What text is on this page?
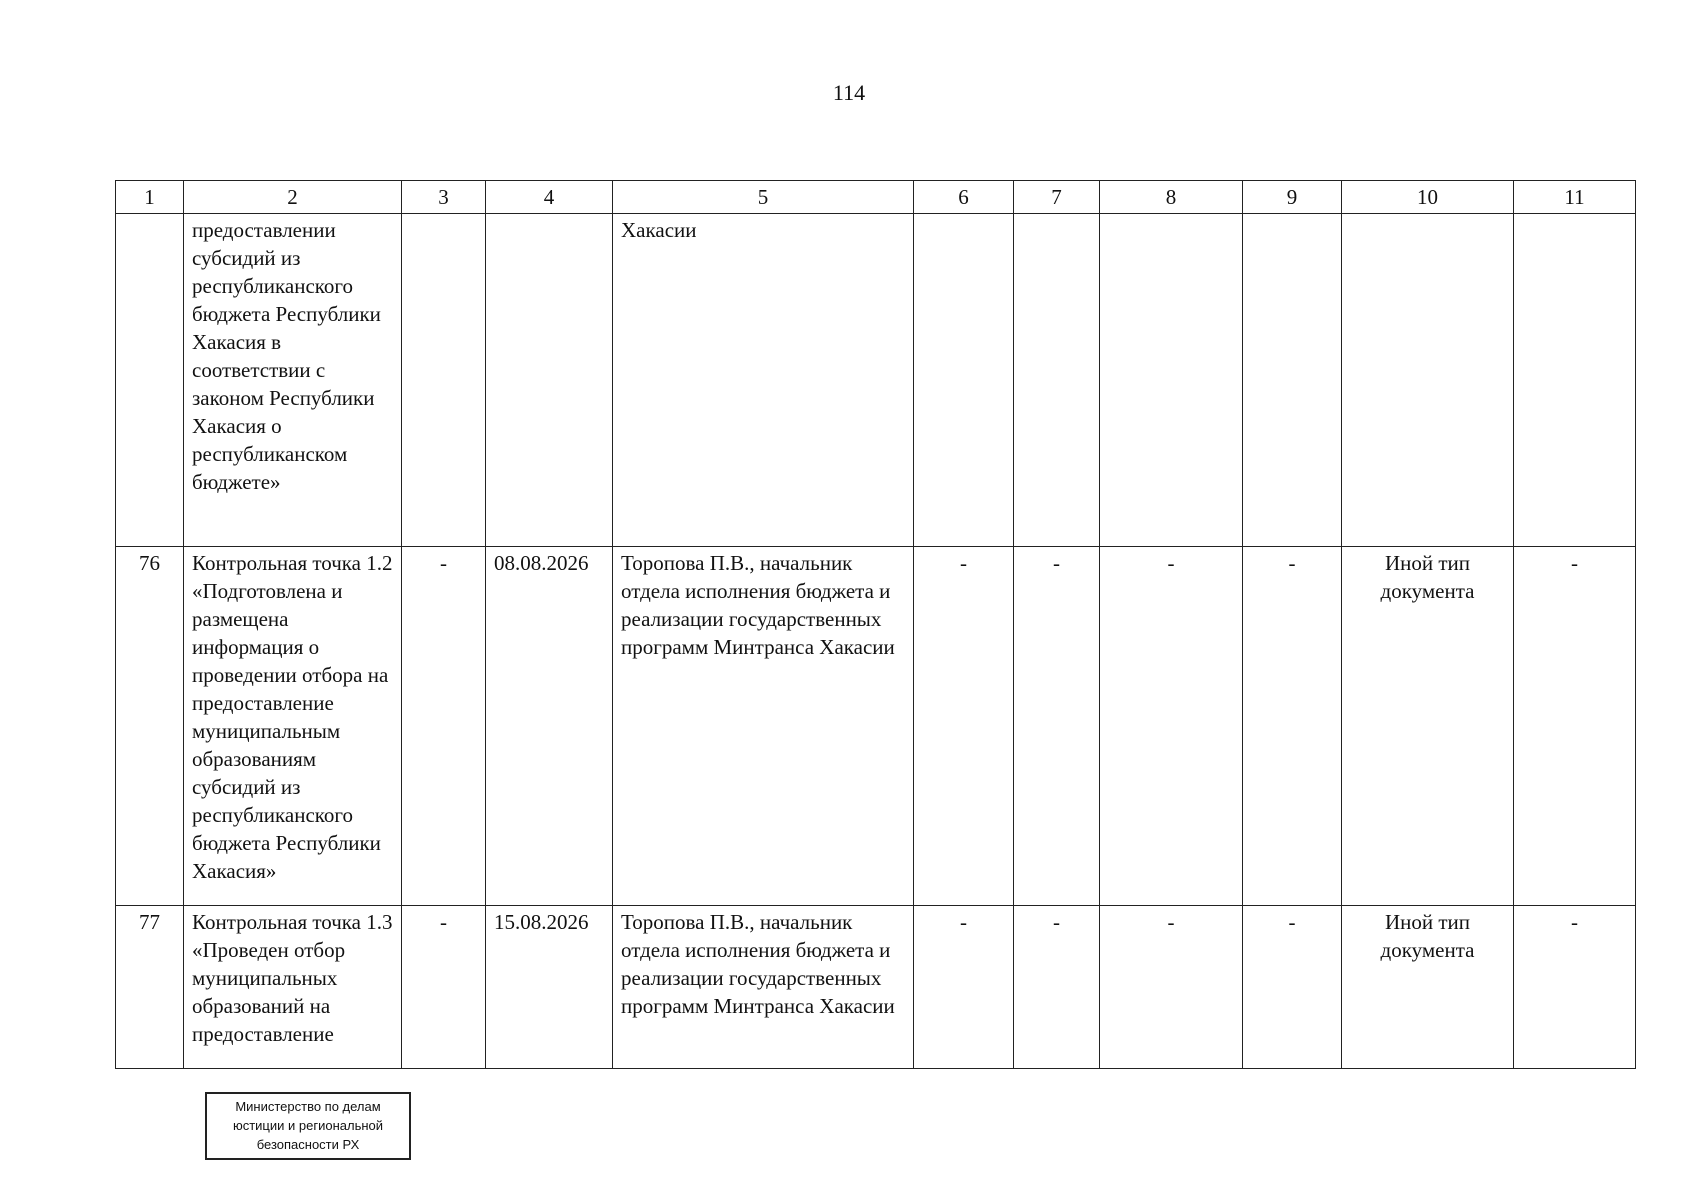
114
1	2	3	4	5	6	7	8	9	10	11
	предоставлении субсидий из республиканского бюджета Республики Хакасия в соответствии с законом Республики Хакасия о республиканском бюджете»			Хакасии						
76	Контрольная точка 1.2 «Подготовлена и размещена информация о проведении отбора на предоставление муниципальным образованиям субсидий из республиканского бюджета Республики Хакасия»	-	08.08.2026	Торопова П.В., начальник отдела исполнения бюджета и реализации государственных программ Минтранса Хакасии	-	-	-	-	Иной тип документа	-
77	Контрольная точка 1.3 «Проведен отбор муниципальных образований на предоставление	-	15.08.2026	Торопова П.В., начальник отдела исполнения бюджета и реализации государственных программ Минтранса Хакасии	-	-	-	-	Иной тип документа	-
Министерство по делам
юстиции и региональной
безопасности РХ
